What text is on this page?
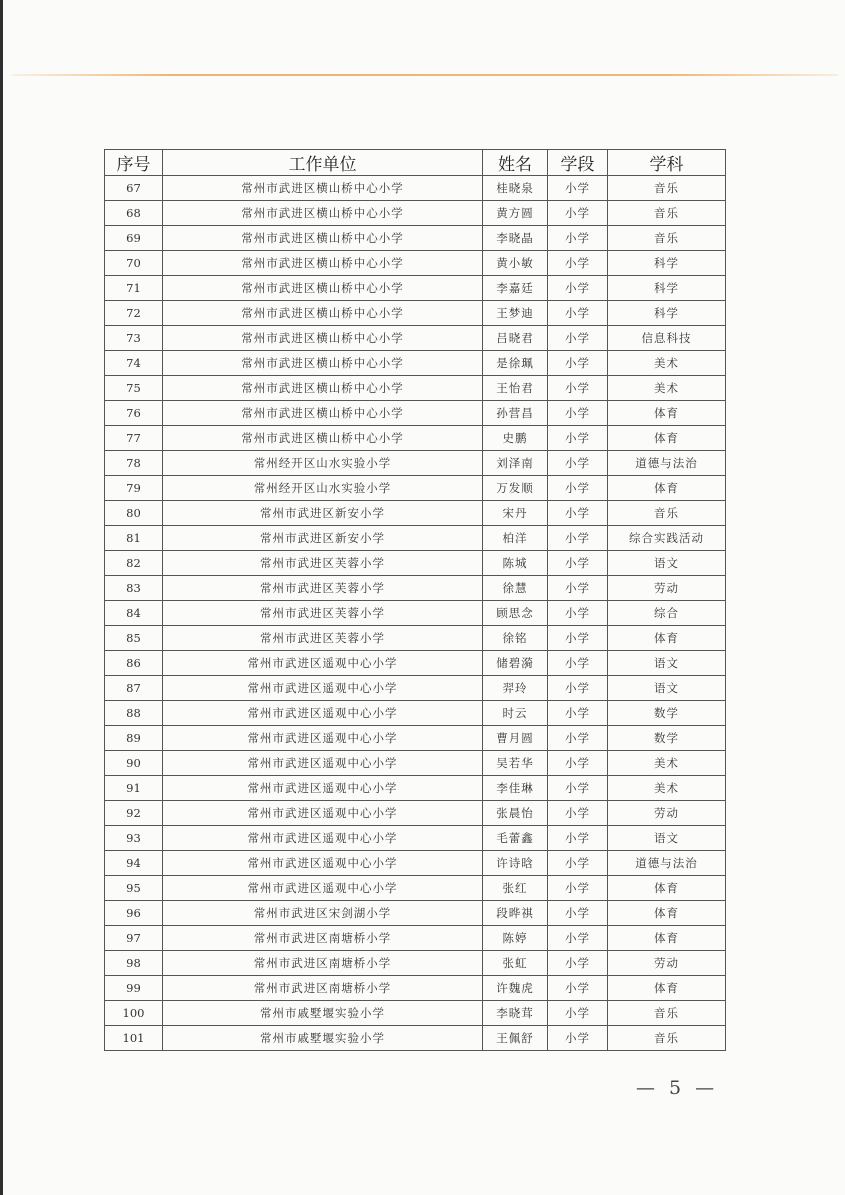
序号	工作单位	姓名	学段	学科
67	常州市武进区横山桥中心小学	桂晓泉	小学	音乐
68	常州市武进区横山桥中心小学	黄方圆	小学	音乐
69	常州市武进区横山桥中心小学	李晓晶	小学	音乐
70	常州市武进区横山桥中心小学	黄小敏	小学	科学
71	常州市武进区横山桥中心小学	李嘉廷	小学	科学
72	常州市武进区横山桥中心小学	王梦迪	小学	科学
73	常州市武进区横山桥中心小学	吕晓君	小学	信息科技
74	常州市武进区横山桥中心小学	是徐珮	小学	美术
75	常州市武进区横山桥中心小学	王怡君	小学	美术
76	常州市武进区横山桥中心小学	孙营昌	小学	体育
77	常州市武进区横山桥中心小学	史鹏	小学	体育
78	常州经开区山水实验小学	刘泽南	小学	道德与法治
79	常州经开区山水实验小学	万发顺	小学	体育
80	常州市武进区新安小学	宋丹	小学	音乐
81	常州市武进区新安小学	柏洋	小学	综合实践活动
82	常州市武进区芙蓉小学	陈城	小学	语文
83	常州市武进区芙蓉小学	徐慧	小学	劳动
84	常州市武进区芙蓉小学	顾思念	小学	综合
85	常州市武进区芙蓉小学	徐铭	小学	体育
86	常州市武进区遥观中心小学	储碧漪	小学	语文
87	常州市武进区遥观中心小学	羿玲	小学	语文
88	常州市武进区遥观中心小学	时云	小学	数学
89	常州市武进区遥观中心小学	曹月圆	小学	数学
90	常州市武进区遥观中心小学	吴若华	小学	美术
91	常州市武进区遥观中心小学	李佳琳	小学	美术
92	常州市武进区遥观中心小学	张晨怡	小学	劳动
93	常州市武进区遥观中心小学	毛蕾鑫	小学	语文
94	常州市武进区遥观中心小学	许诗晗	小学	道德与法治
95	常州市武进区遥观中心小学	张红	小学	体育
96	常州市武进区宋剑湖小学	段晔祺	小学	体育
97	常州市武进区南塘桥小学	陈婷	小学	体育
98	常州市武进区南塘桥小学	张虹	小学	劳动
99	常州市武进区南塘桥小学	许魏虎	小学	体育
100	常州市戚墅堰实验小学	李晓茸	小学	音乐
101	常州市戚墅堰实验小学	王佩舒	小学	音乐
— 5 —
